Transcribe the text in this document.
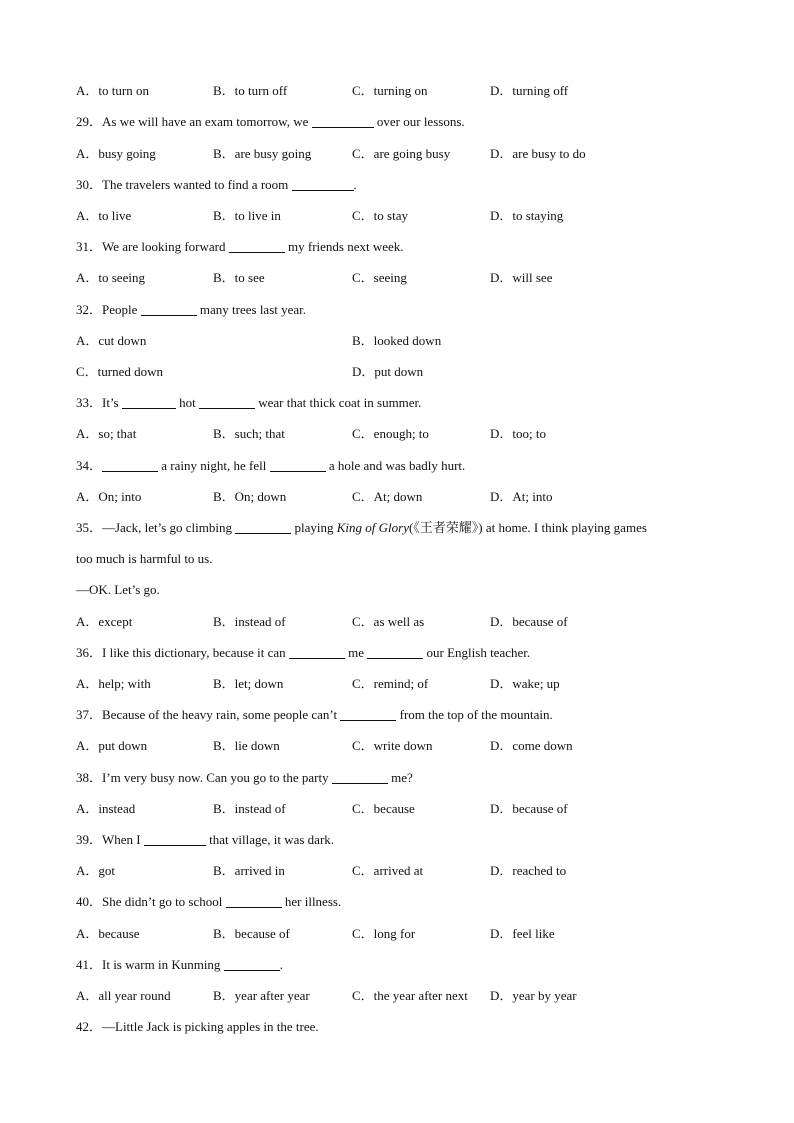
A．to turn on	B．to turn off	C．turning on	D．turning off
29．As we will have an exam tomorrow, we	over our lessons.
A．busy going	B．are busy going	C．are going busy	D．are busy to do
30．The travelers wanted to find a room	.
A．to live	B．to live in	C．to stay	D．to staying
31．We are looking forward	my friends next week.
A．to seeing	B．to see	C．seeing	D．will see
32．People	many trees last year.
A．cut down	B．looked down
C．turned down	D．put down
33．It’s	hot	wear that thick coat in summer.
A．so; that	B．such; that	C．enough; to	D．too; to
34．	a rainy night, he fell	a hole and was badly hurt.
A．On; into	B．On; down	C．At; down	D．At; into
35．—Jack, let’s go climbing	playing King of Glory(《王者荣耀》) at home. I think playing games
too much is harmful to us.
—OK. Let’s go.
A．except	B．instead of	C．as well as	D．because of
36．I like this dictionary, because it can	me	our English teacher.
A．help; with	B．let; down	C．remind; of	D．wake; up
37．Because of the heavy rain, some people can’t	from the top of the mountain.
A．put down	B．lie down	C．write down	D．come down
38．I’m very busy now. Can you go to the party	me?
A．instead	B．instead of	C．because	D．because of
39．When I	that village, it was dark.
A．got	B．arrived in	C．arrived at	D．reached to
40．She didn’t go to school	her illness.
A．because	B．because of	C．long for	D．feel like
41．It is warm in Kunming	.
A．all year round	B．year after year	C．the year after next D．year by year
42．—Little Jack is picking apples in the tree.
